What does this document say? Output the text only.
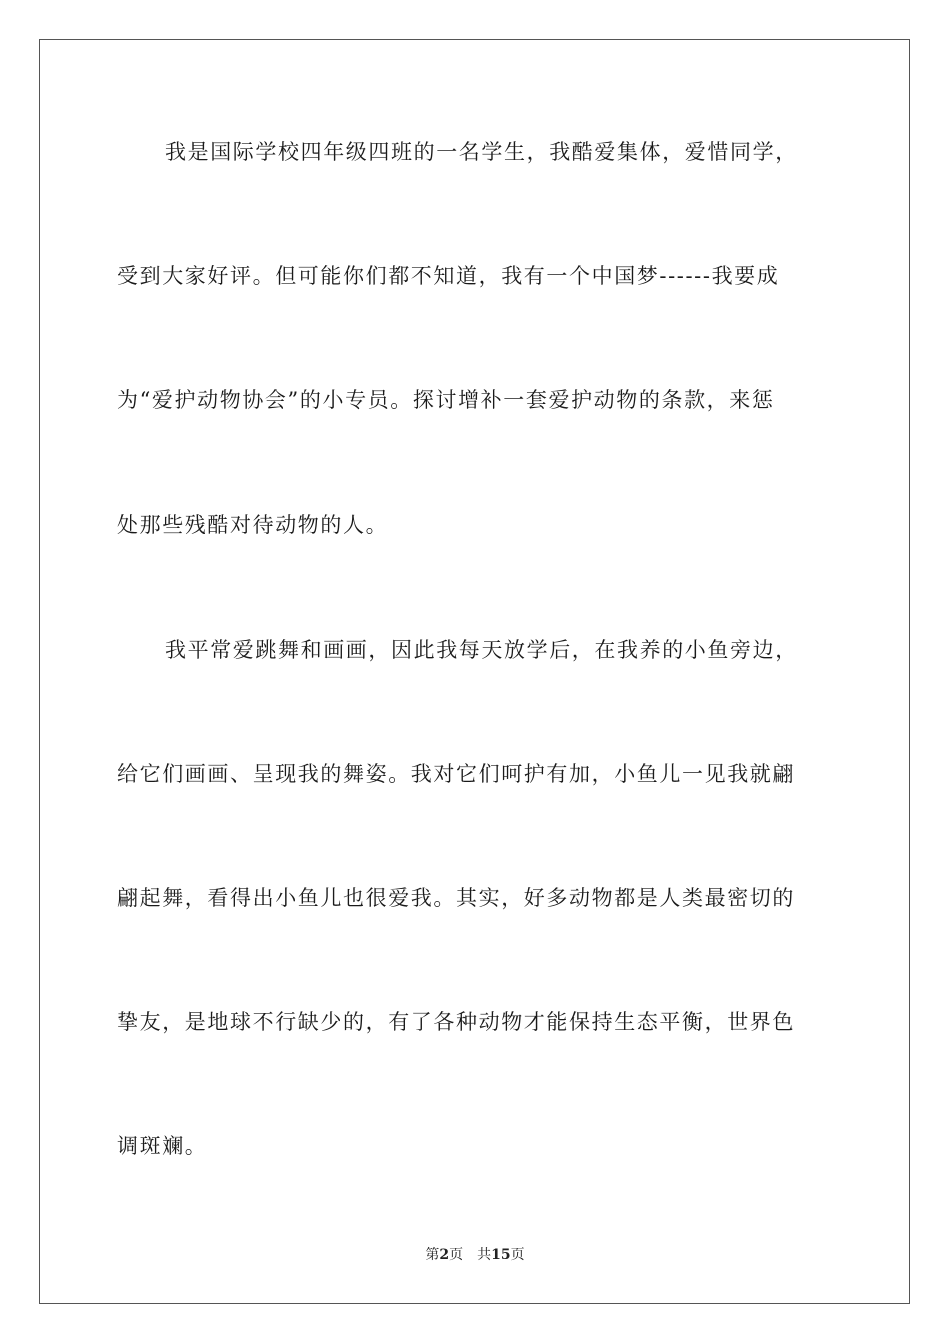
我是国际学校四年级四班的一名学生，我酷爱集体，爱惜同学，
受到大家好评。但可能你们都不知道，我有一个中国梦------我要成
为“爱护动物协会”的小专员。探讨增补一套爱护动物的条款，来惩
处那些残酷对待动物的人。
我平常爱跳舞和画画，因此我每天放学后，在我养的小鱼旁边，
给它们画画、呈现我的舞姿。我对它们呵护有加，小鱼儿一见我就翩
翩起舞，看得出小鱼儿也很爱我。其实，好多动物都是人类最密切的
挚友，是地球不行缺少的，有了各种动物才能保持生态平衡，世界色
调斑斓。
第2页 共15页
